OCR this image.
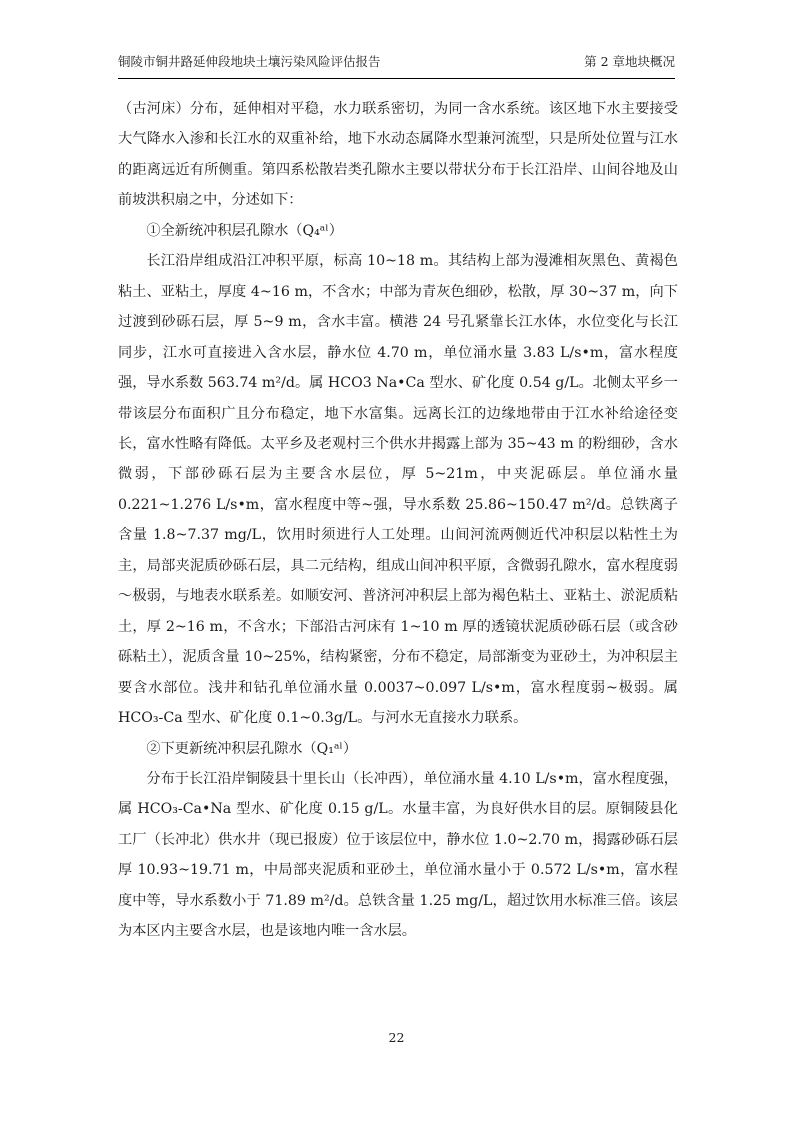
铜陵市铜井路延伸段地块土壤污染风险评估报告	第 2 章地块概况

（古河床）分布，延伸相对平稳，水力联系密切，为同一含水系统。该区地下水主要接受大气降水入渗和长江水的双重补给，地下水动态属降水型兼河流型，只是所处位置与江水的距离远近有所侧重。第四系松散岩类孔隙水主要以带状分布于长江沿岸、山间谷地及山前坡洪积扇之中，分述如下：

①全新统冲积层孔隙水（Q₄ᵃˡ）

长江沿岸组成沿江冲积平原，标高 10~18 m。其结构上部为漫滩相灰黑色、黄褐色粘土、亚粘土，厚度 4~16 m，不含水；中部为青灰色细砂，松散，厚 30~37 m，向下过渡到砂砾石层，厚 5~9 m，含水丰富。横港 24 号孔紧靠长江水体，水位变化与长江同步，江水可直接进入含水层，静水位 4.70 m，单位涌水量 3.83 L/s•m，富水程度强，导水系数 563.74 m²/d。属 HCO3 Na•Ca 型水、矿化度 0.54 g/L。北侧太平乡一带该层分布面积广且分布稳定，地下水富集。远离长江的边缘地带由于江水补给途径变长，富水性略有降低。太平乡及老观村三个供水井揭露上部为 35~43 m 的粉细砂，含水微弱，下部砂砾石层为主要含水层位，厚 5~21m，中夹泥砾层。单位涌水量 0.221~1.276 L/s•m，富水程度中等~强，导水系数 25.86~150.47 m²/d。总铁离子含量 1.8~7.37 mg/L，饮用时须进行人工处理。山间河流两侧近代冲积层以粘性土为主，局部夹泥质砂砾石层，具二元结构，组成山间冲积平原，含微弱孔隙水，富水程度弱～极弱，与地表水联系差。如顺安河、普济河冲积层上部为褐色粘土、亚粘土、淤泥质粘土，厚 2~16 m，不含水；下部沿古河床有 1~10 m 厚的透镜状泥质砂砾石层（或含砂砾粘土），泥质含量 10~25%，结构紧密，分布不稳定，局部渐变为亚砂土，为冲积层主要含水部位。浅井和钻孔单位涌水量 0.0037~0.097 L/s•m，富水程度弱~极弱。属 HCO₃-Ca 型水、矿化度 0.1~0.3g/L。与河水无直接水力联系。

②下更新统冲积层孔隙水（Q₁ᵃˡ）

分布于长江沿岸铜陵县十里长山（长冲西），单位涌水量 4.10 L/s•m，富水程度强，属 HCO₃-Ca•Na 型水、矿化度 0.15 g/L。水量丰富，为良好供水目的层。原铜陵县化工厂（长冲北）供水井（现已报废）位于该层位中，静水位 1.0~2.70 m，揭露砂砾石层厚 10.93~19.71 m，中局部夹泥质和亚砂土，单位涌水量小于 0.572 L/s•m，富水程度中等，导水系数小于 71.89 m²/d。总铁含量 1.25 mg/L，超过饮用水标准三倍。该层为本区内主要含水层，也是该地内唯一含水层。

22
